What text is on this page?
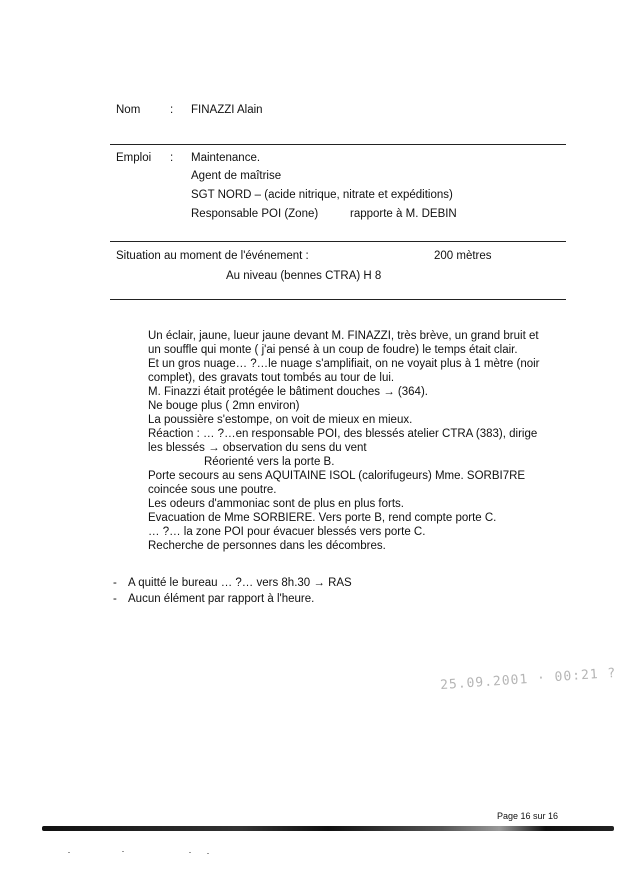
Nom	: FINAZZI Alain
Emploi : Maintenance.
Agent de maîtrise
SGT NORD – (acide nitrique, nitrate et expéditions)
Responsable POI (Zone)	rapporte à M. DEBIN
Situation au moment de l'événement :	200 mètres
Au niveau (bennes CTRA) H 8
Un éclair, jaune, lueur jaune devant M. FINAZZI, très brève, un grand bruit et
un souffle qui monte ( j'ai pensé à un coup de foudre) le temps était clair.
Et un gros nuage… ?…le nuage s'amplifiait, on ne voyait plus à 1 mètre (noir
complet), des gravats tout tombés au tour de lui.
M. Finazzi était protégée le bâtiment douches → (364).
Ne bouge plus ( 2mn environ)
La poussière s'estompe, on voit de mieux en mieux.
Réaction : … ?…en responsable POI, des blessés atelier CTRA (383), dirige
les blessés → observation du sens du vent
Réorienté vers la porte B.
Porte secours au sens AQUITAINE ISOL (calorifugeurs) Mme. SORBI7RE
coincée sous une poutre.
Les odeurs d'ammoniac sont de plus en plus forts.
Evacuation de Mme SORBIERE. Vers porte B, rend compte porte C.
… ?… la zone POI pour évacuer blessés vers porte C.
Recherche de personnes dans les décombres.
- A quitté le bureau … ?… vers 8h.30 → RAS
- Aucun élément par rapport à l'heure.
25.09.2001 · 00:21 ?
Page 16 sur 16
